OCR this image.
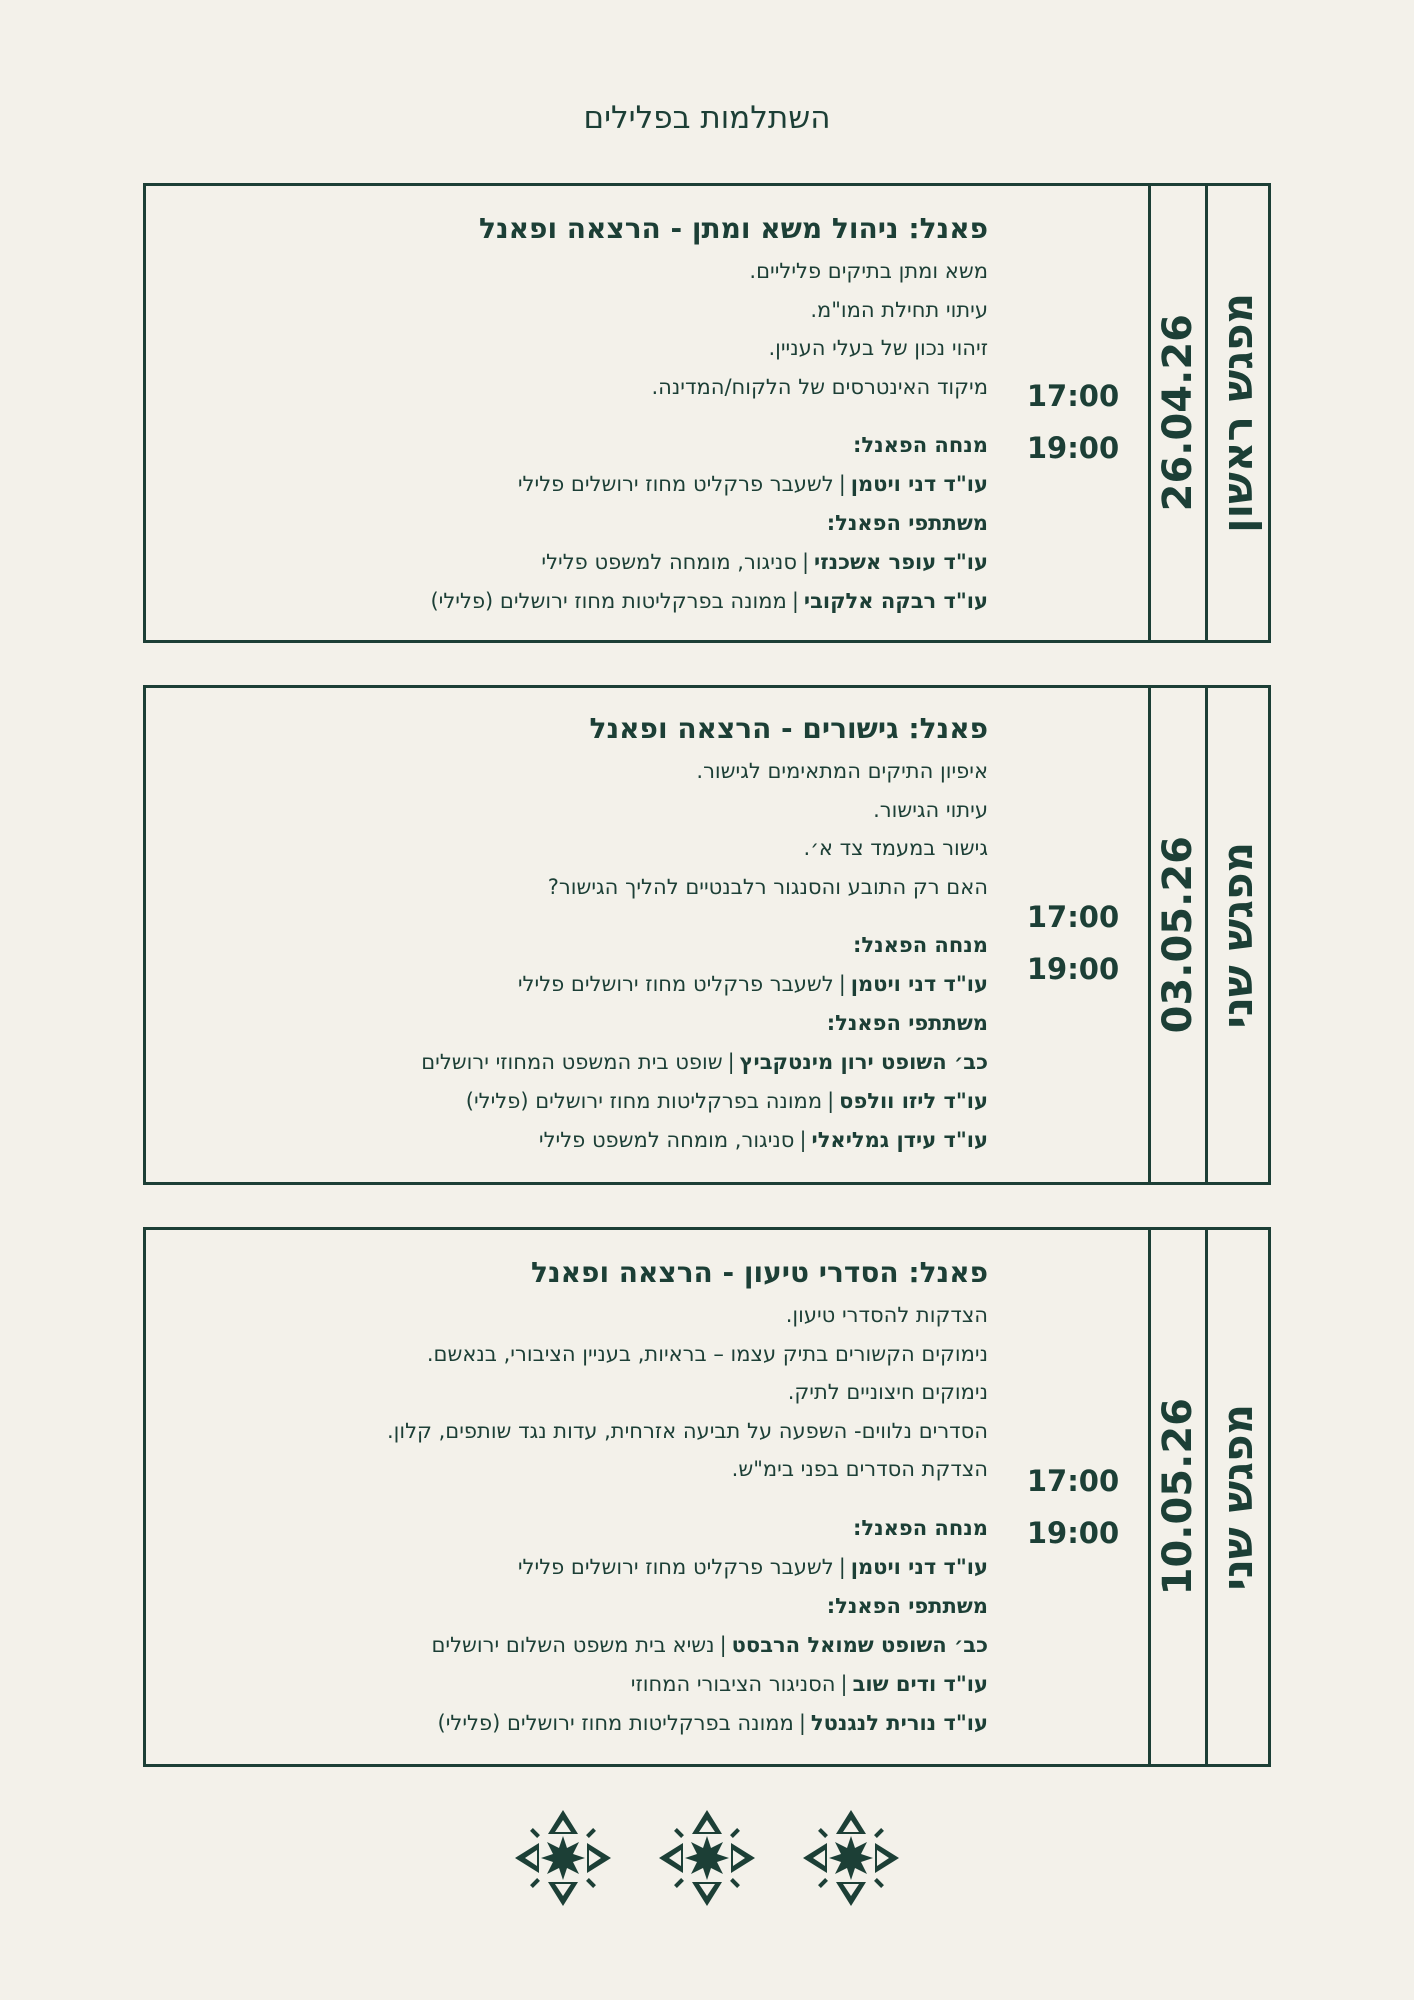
השתלמות בפלילים
מפגש ראשון
26.04.26
17:00
19:00
פאנל: ניהול משא ומתן - הרצאה ופאנל
משא ומתן בתיקים פליליים.
עיתוי תחילת המו"מ.
זיהוי נכון של בעלי העניין.
מיקוד האינטרסים של הלקוח/המדינה.
מנחה הפאנל:
עו"ד דני ויטמן|לשעבר פרקליט מחוז ירושלים פלילי
משתתפי הפאנל:
עו"ד עופר אשכנזי|סניגור, מומחה למשפט פלילי
עו"ד רבקה אלקובי|ממונה בפרקליטות מחוז ירושלים (פלילי)
מפגש שני
03.05.26
17:00
19:00
פאנל: גישורים - הרצאה ופאנל
איפיון התיקים המתאימים לגישור.
עיתוי הגישור.
גישור במעמד צד א׳.
האם רק התובע והסנגור רלבנטיים להליך הגישור?
מנחה הפאנל:
עו"ד דני ויטמן|לשעבר פרקליט מחוז ירושלים פלילי
משתתפי הפאנל:
כב׳ השופט ירון מינטקביץ|שופט בית המשפט המחוזי ירושלים
עו"ד ליזו וולפס|ממונה בפרקליטות מחוז ירושלים (פלילי)
עו"ד עידן גמליאלי|סניגור, מומחה למשפט פלילי
מפגש שני
10.05.26
17:00
19:00
פאנל: הסדרי טיעון - הרצאה ופאנל
הצדקות להסדרי טיעון.
נימוקים הקשורים בתיק עצמו – בראיות, בעניין הציבורי, בנאשם.
נימוקים חיצוניים לתיק.
הסדרים נלווים- השפעה על תביעה אזרחית, עדות נגד שותפים, קלון.
הצדקת הסדרים בפני בימ"ש.
מנחה הפאנל:
עו"ד דני ויטמן|לשעבר פרקליט מחוז ירושלים פלילי
משתתפי הפאנל:
כב׳ השופט שמואל הרבסט|נשיא בית משפט השלום ירושלים
עו"ד ודים שוב|הסניגור הציבורי המחוזי
עו"ד נורית לנגנטל|ממונה בפרקליטות מחוז ירושלים (פלילי)
